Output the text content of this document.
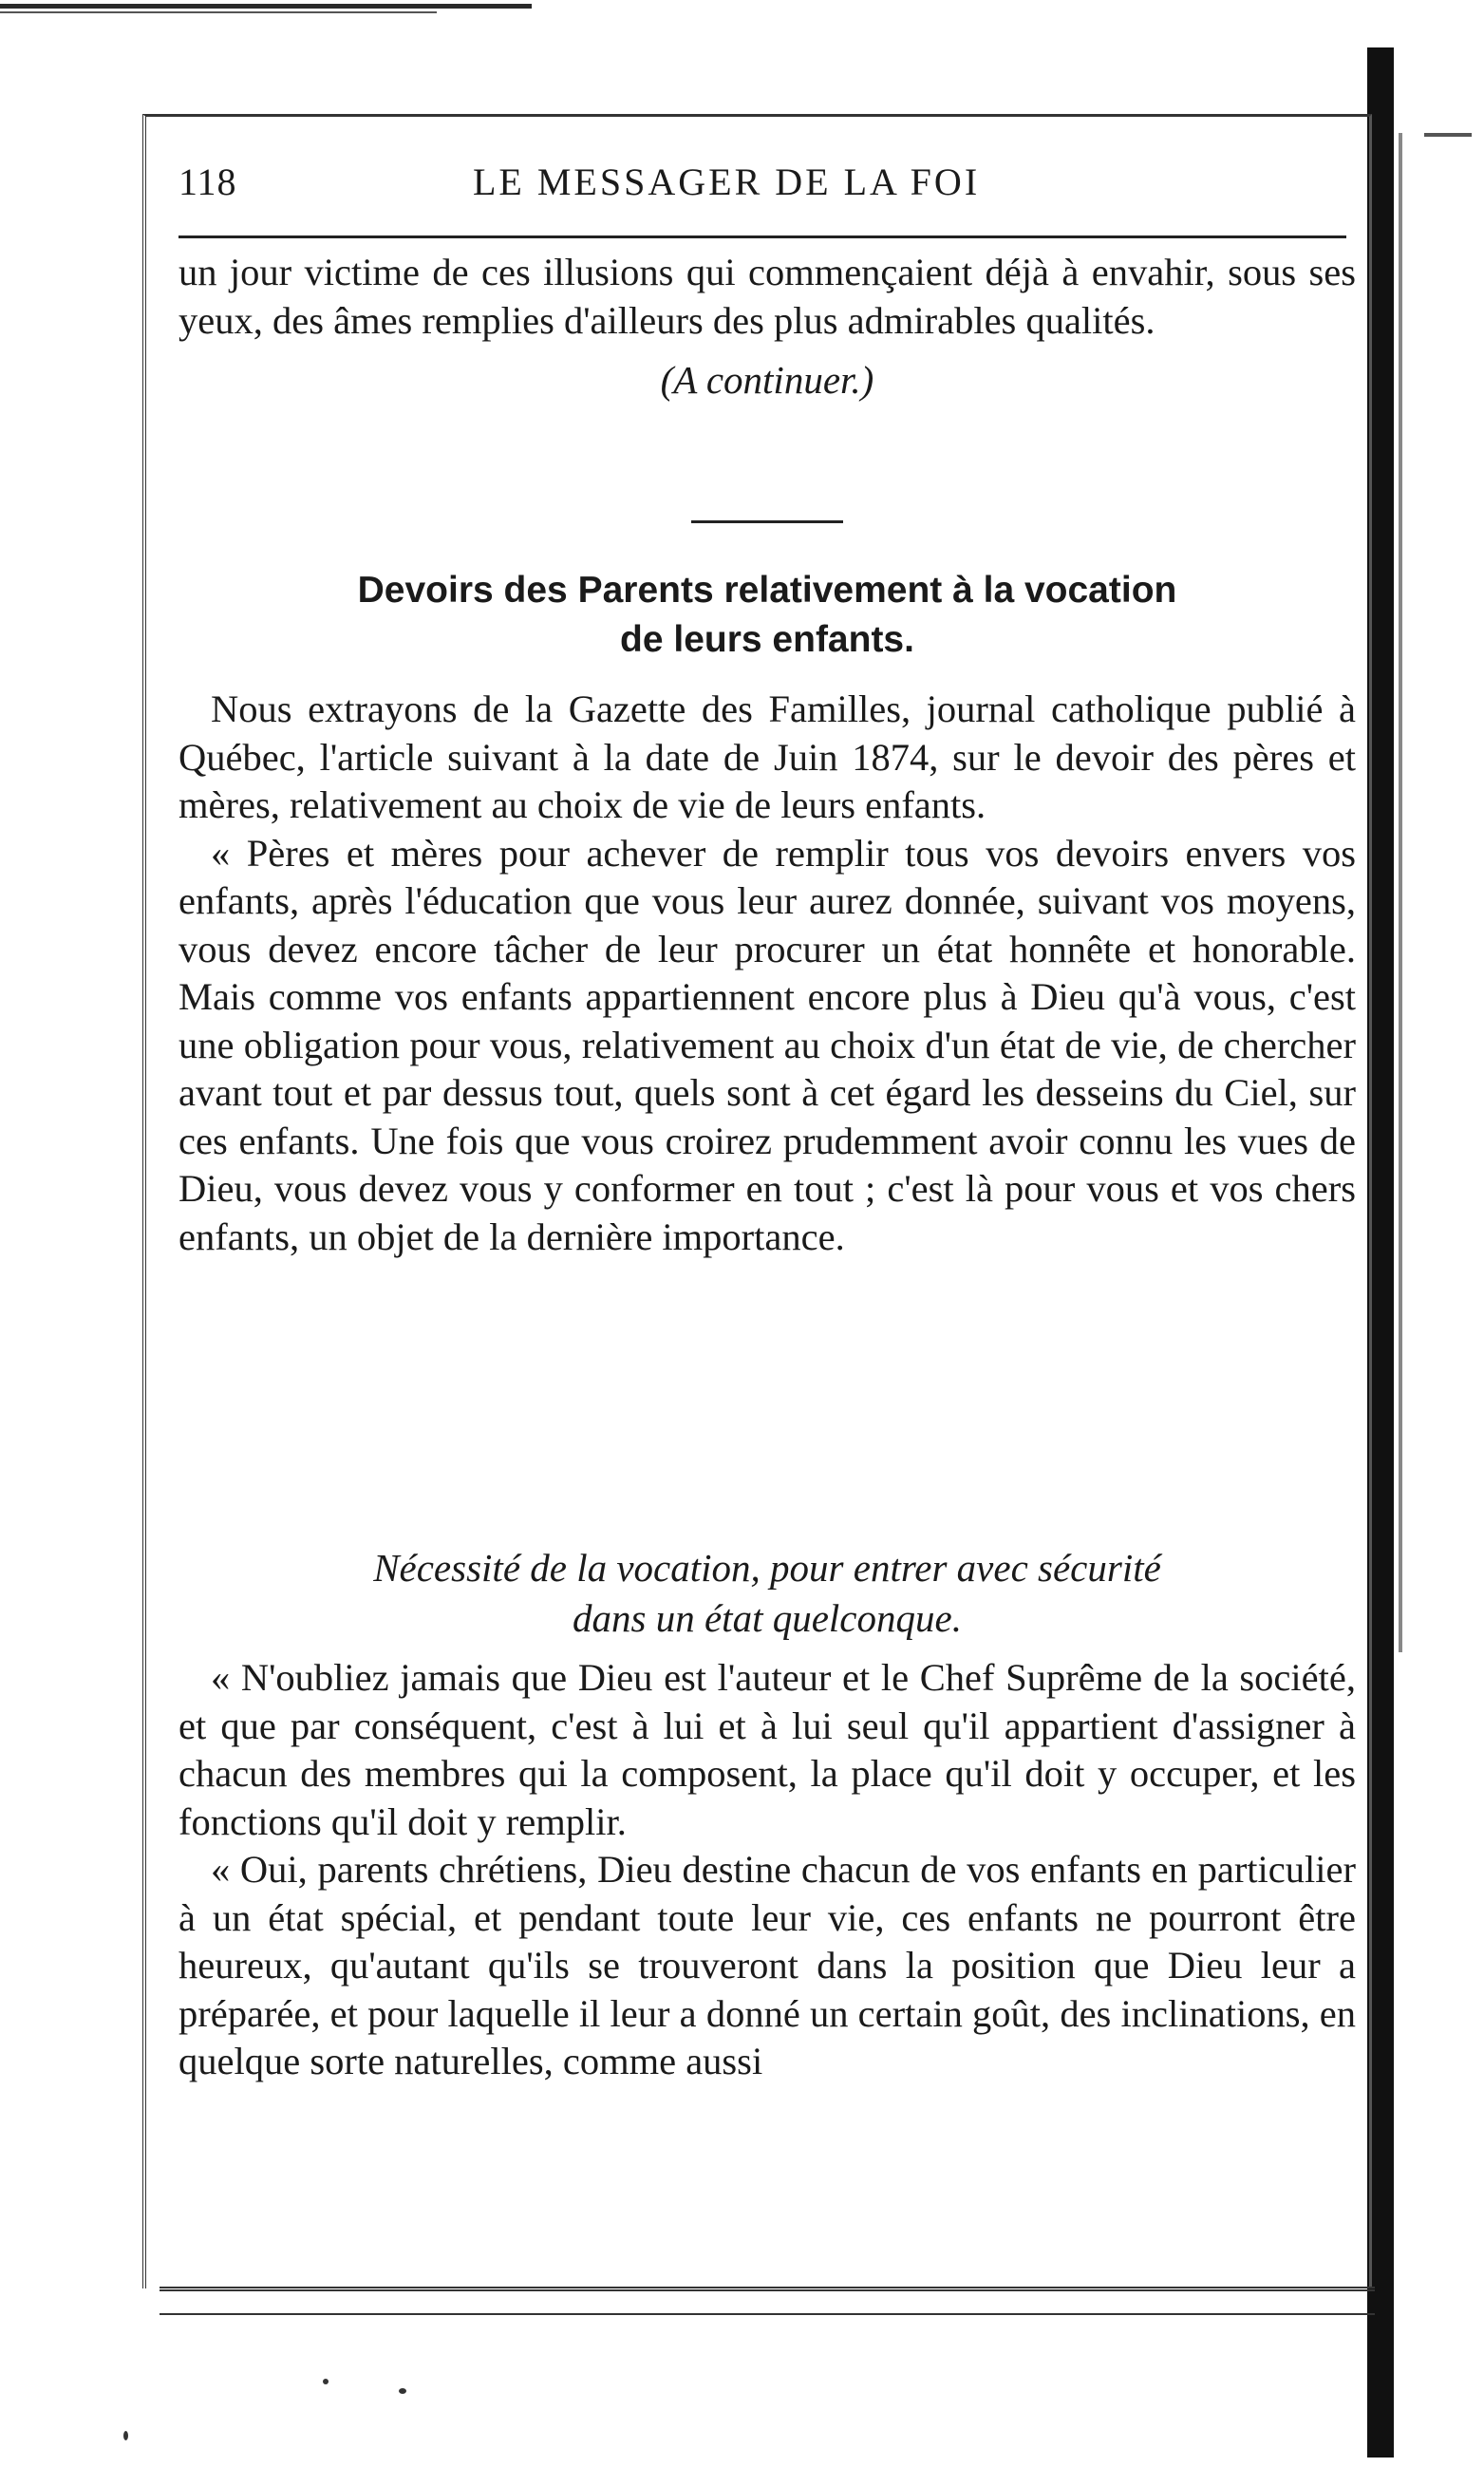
118	LE MESSAGER DE LA FOI

un jour victime de ces illusions qui commençaient déjà à envahir, sous ses yeux, des âmes remplies d'ailleurs des plus admirables qualités.

(A continuer.)

Devoirs des Parents relativement à la vocation
de leurs enfants.

Nous extrayons de la Gazette des Familles, journal catholique publié à Québec, l'article suivant à la date de Juin 1874, sur le devoir des pères et mères, relativement au choix de vie de leurs enfants.

« Pères et mères pour achever de remplir tous vos devoirs envers vos enfants, après l'éducation que vous leur aurez donnée, suivant vos moyens, vous devez encore tâcher de leur procurer un état honnête et honorable. Mais comme vos enfants appartiennent encore plus à Dieu qu'à vous, c'est une obligation pour vous, relativement au choix d'un état de vie, de chercher avant tout et par dessus tout, quels sont à cet égard les desseins du Ciel, sur ces enfants. Une fois que vous croirez prudemment avoir connu les vues de Dieu, vous devez vous y conformer en tout ; c'est là pour vous et vos chers enfants, un objet de la dernière importance.

Nécessité de la vocation, pour entrer avec sécurité
dans un état quelconque.

« N'oubliez jamais que Dieu est l'auteur et le Chef Suprême de la société, et que par conséquent, c'est à lui et à lui seul qu'il appartient d'assigner à chacun des membres qui la composent, la place qu'il doit y occuper, et les fonctions qu'il doit y remplir.

« Oui, parents chrétiens, Dieu destine chacun de vos enfants en particulier à un état spécial, et pendant toute leur vie, ces enfants ne pourront être heureux, qu'autant qu'ils se trouveront dans la position que Dieu leur a préparée, et pour laquelle il leur a donné un certain goût, des inclinations, en quelque sorte naturelles, comme aussi
